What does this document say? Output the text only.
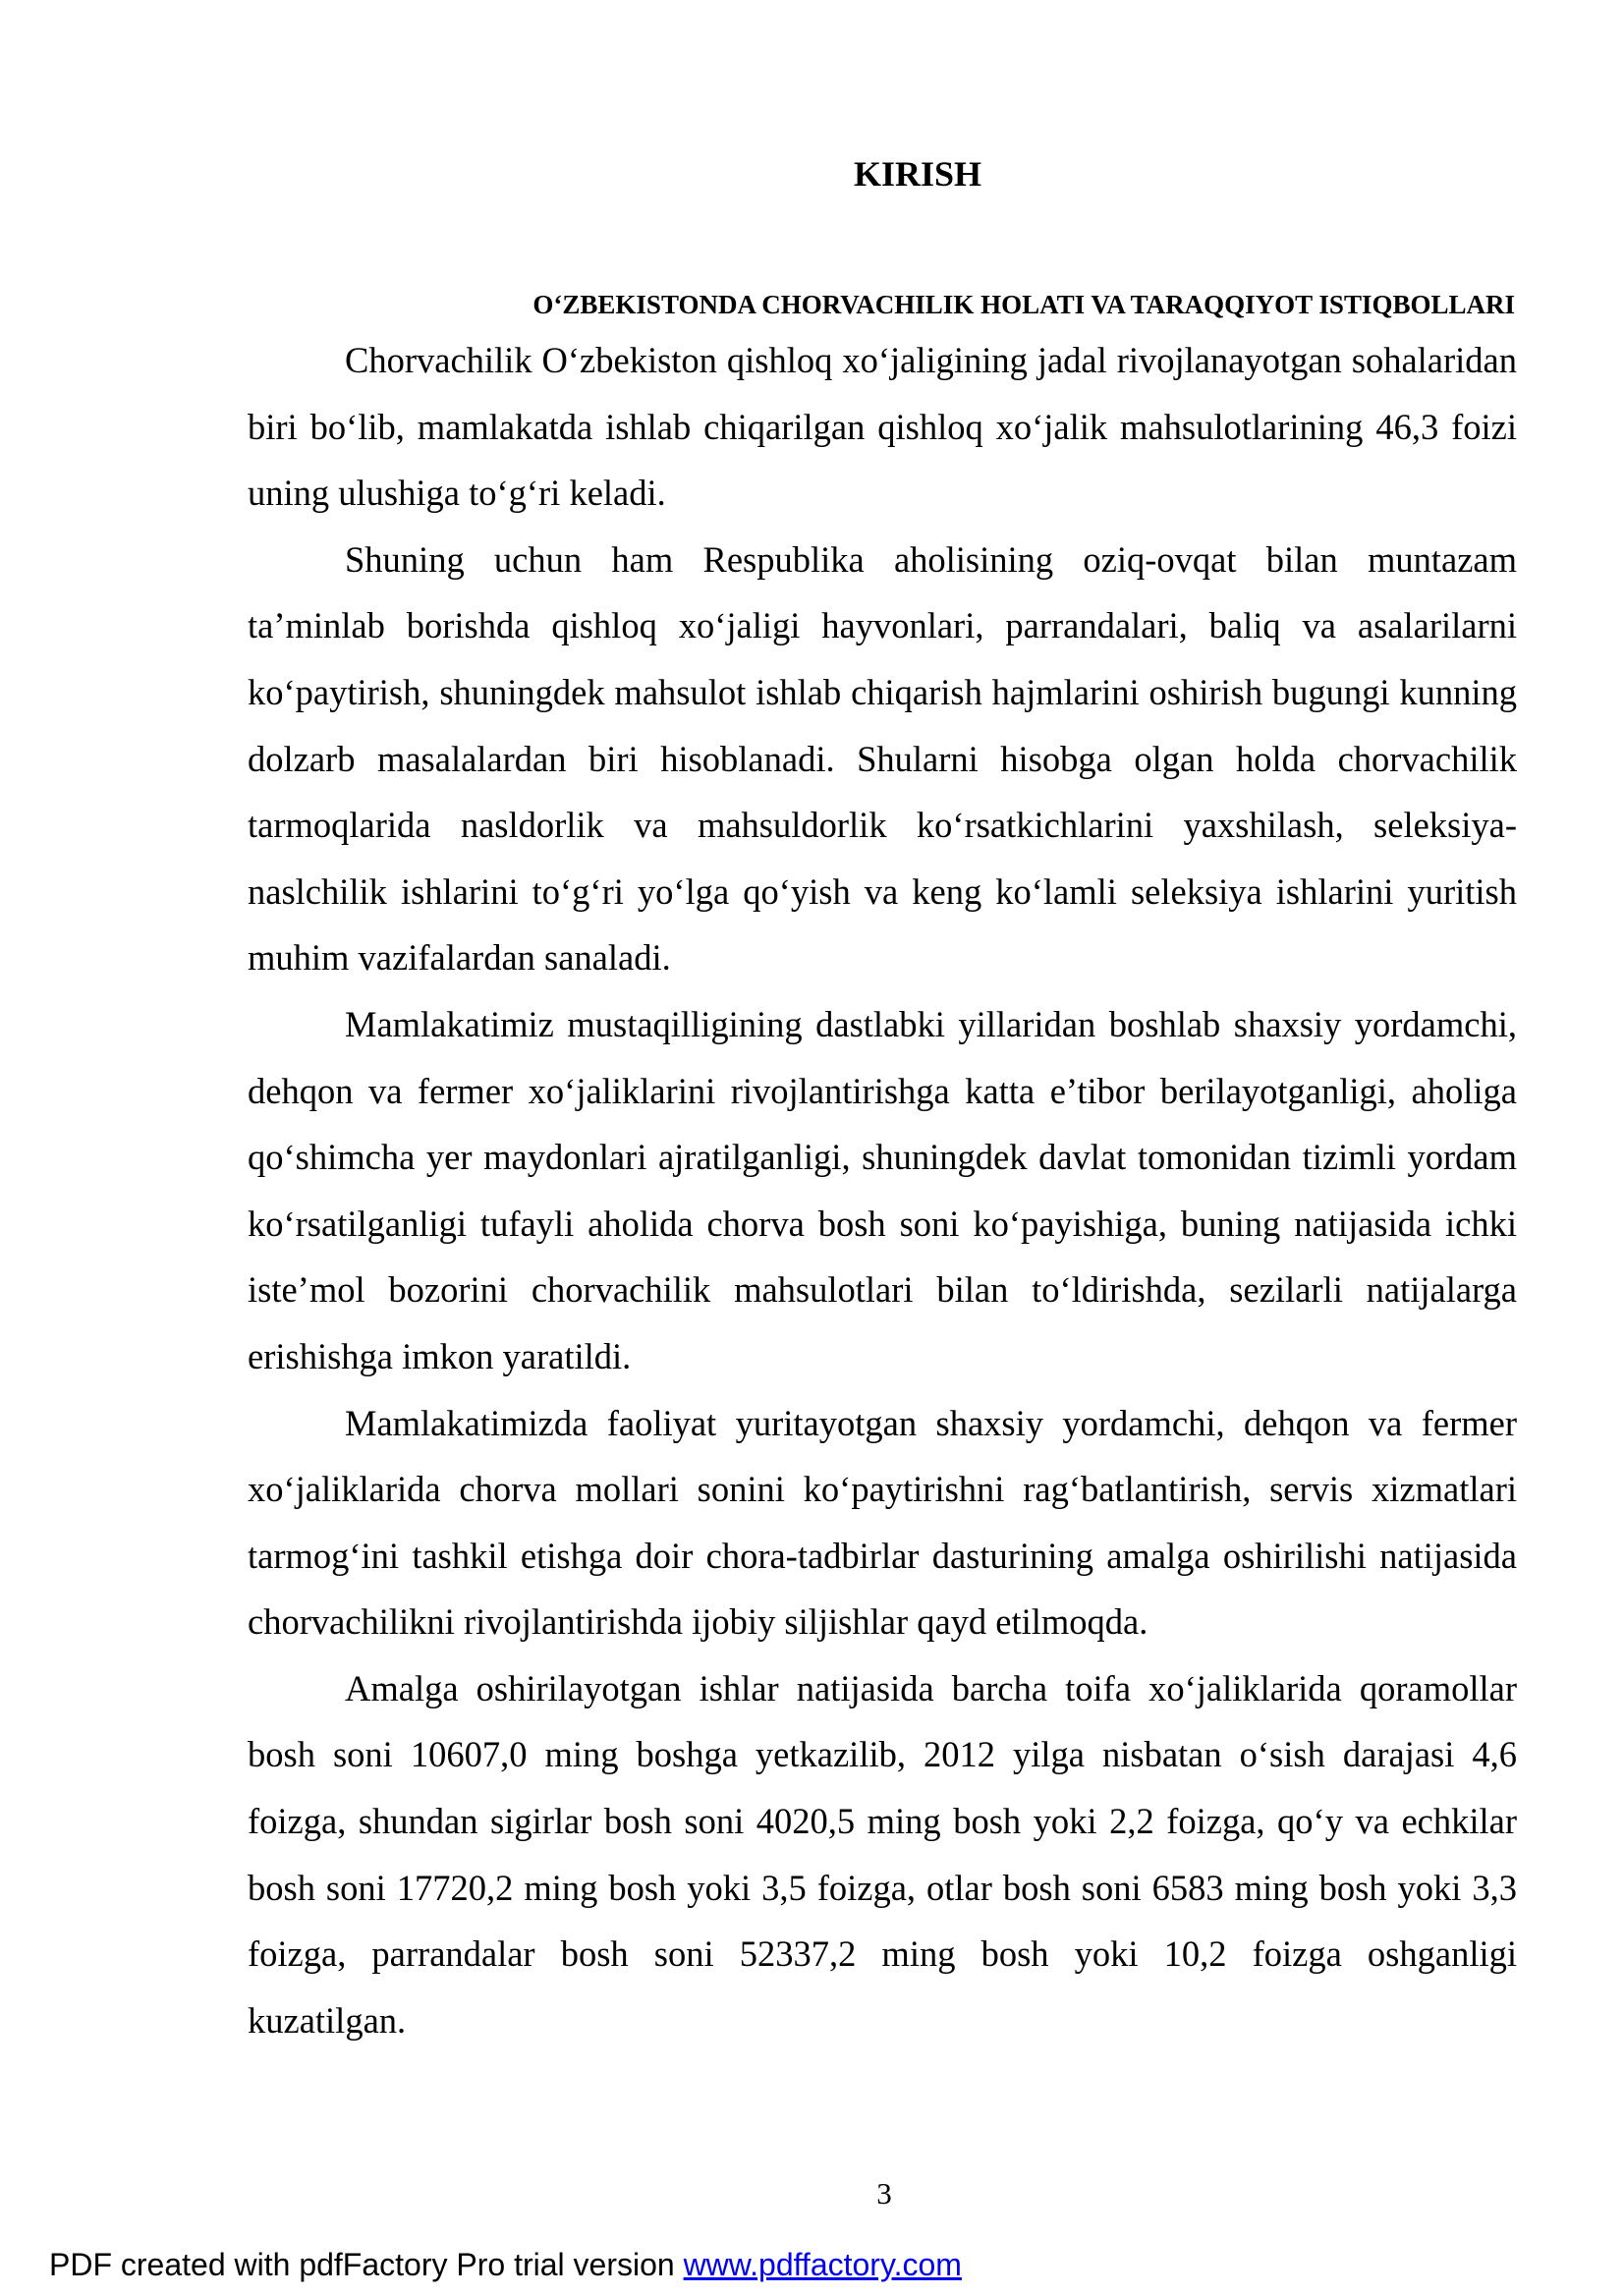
KIRISH
O‘ZBEKISTONDA CHORVACHILIK HOLATI VA TARAQQIYOT ISTIQBOLLARI

Chorvachilik O‘zbekiston qishloq xo‘jaligining jadal rivojlanayotgan sohalaridan biri bo‘lib, mamlakatda ishlab chiqarilgan qishloq xo‘jalik mahsulotlarining 46,3 foizi uning ulushiga to‘g‘ri keladi.

Shuning uchun ham Respublika aholisining oziq-ovqat bilan muntazam ta’minlab borishda qishloq xo‘jaligi hayvonlari, parrandalari, baliq va asalarilarni ko‘paytirish, shuningdek mahsulot ishlab chiqarish hajmlarini oshirish bugungi kunning dolzarb masalalardan biri hisoblanadi. Shularni hisobga olgan holda chorvachilik tarmoqlarida nasldorlik va mahsuldorlik ko‘rsatkichlarini yaxshilash, seleksiya-naslchilik ishlarini to‘g‘ri yo‘lga qo‘yish va keng ko‘lamli seleksiya ishlarini yuritish muhim vazifalardan sanaladi.

Mamlakatimiz mustaqilligining dastlabki yillaridan boshlab shaxsiy yordamchi, dehqon va fermer xo‘jaliklarini rivojlantirishga katta e’tibor berilayotganligi, aholiga qo‘shimcha yer maydonlari ajratilganligi, shuningdek davlat tomonidan tizimli yordam ko‘rsatilganligi tufayli aholida chorva bosh soni ko‘payishiga, buning natijasida ichki iste’mol bozorini chorvachilik mahsulotlari bilan to‘ldirishda, sezilarli natijalarga erishishga imkon yaratildi.

Mamlakatimizda faoliyat yuritayotgan shaxsiy yordamchi, dehqon va fermer xo‘jaliklarida chorva mollari sonini ko‘paytirishni rag‘batlantirish, servis xizmatlari tarmog‘ini tashkil etishga doir chora-tadbirlar dasturining amalga oshirilishi natijasida chorvachilikni rivojlantirishda ijobiy siljishlar qayd etilmoqda.

Amalga oshirilayotgan ishlar natijasida barcha toifa xo‘jaliklarida qoramollar bosh soni 10607,0 ming boshga yetkazilib, 2012 yilga nisbatan o‘sish darajasi 4,6 foizga, shundan sigirlar bosh soni 4020,5 ming bosh yoki 2,2 foizga, qo‘y va echkilar bosh soni 17720,2 ming bosh yoki 3,5 foizga, otlar bosh soni 6583 ming bosh yoki 3,3 foizga, parrandalar bosh soni 52337,2 ming bosh yoki 10,2 foizga oshganligi kuzatilgan.

3
PDF created with pdfFactory Pro trial version www.pdffactory.com
